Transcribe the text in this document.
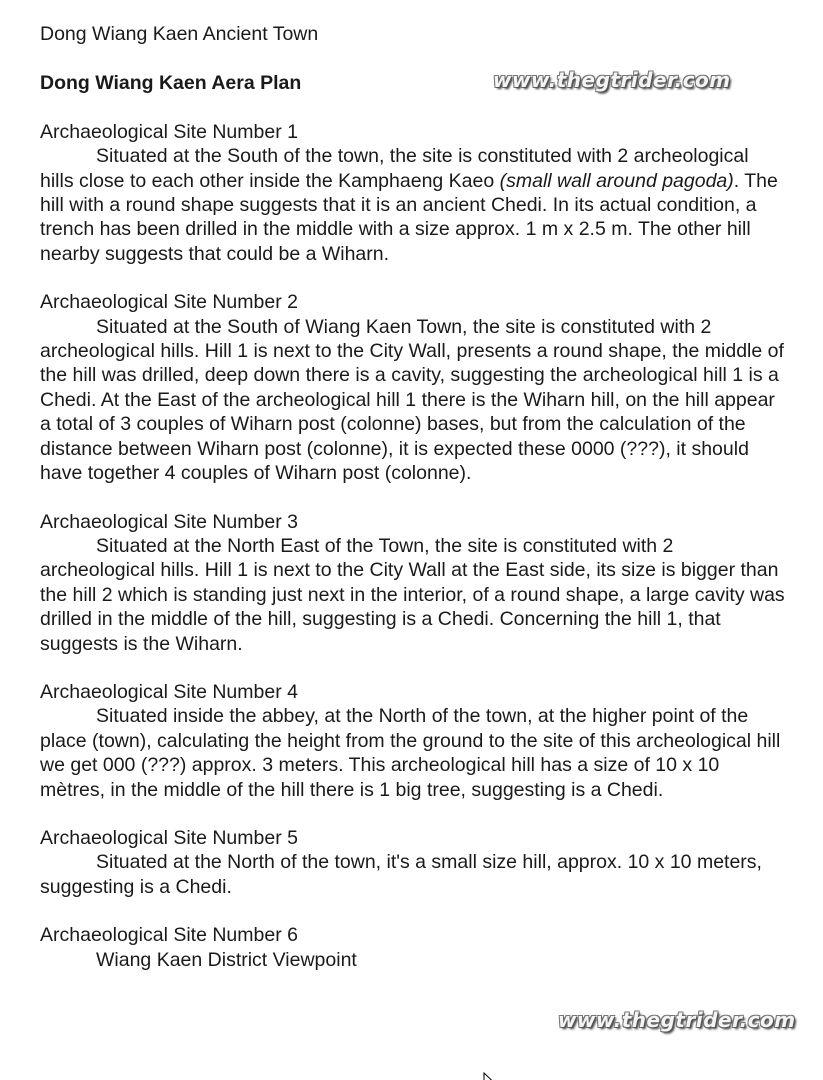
www.thegtrider.com
Dong Wiang Kaen Ancient Town
Dong Wiang Kaen Aera Plan
Archaeological Site Number 1

Situated at the South of the town, the site is constituted with 2 archeological hills close to each other inside the Kamphaeng Kaeo (small wall around pagoda). The hill with a round shape suggests that it is an ancient Chedi. In its actual condition, a trench has been drilled in the middle with a size approx. 1 m x 2.5 m. The other hill nearby suggests that could be a Wiharn.

Archaeological Site Number 2

Situated at the South of Wiang Kaen Town, the site is constituted with 2 archeological hills. Hill 1 is next to the City Wall, presents a round shape, the middle of the hill was drilled, deep down there is a cavity, suggesting the archeological hill 1 is a Chedi. At the East of the archeological hill 1 there is the Wiharn hill, on the hill appear a total of 3 couples of Wiharn post (colonne) bases, but from the calculation of the distance between Wiharn post (colonne), it is expected these 0000 (???), it should have together 4 couples of Wiharn post (colonne).

Archaeological Site Number 3

Situated at the North East of the Town, the site is constituted with 2 archeological hills. Hill 1 is next to the City Wall at the East side, its size is bigger than the hill 2 which is standing just next in the interior, of a round shape, a large cavity was drilled in the middle of the hill, suggesting is a Chedi. Concerning the hill 1, that suggests is the Wiharn.

Archaeological Site Number 4

Situated inside the abbey, at the North of the town, at the higher point of the place (town), calculating the height from the ground to the site of this archeological hill we get 000 (???) approx. 3 meters. This archeological hill has a size of 10 x 10 mètres, in the middle of the hill there is 1 big tree, suggesting is a Chedi.

Archaeological Site Number 5

Situated at the North of the town, it's a small size hill, approx. 10 x 10 meters, suggesting is a Chedi.

Archaeological Site Number 6

Wiang Kaen District Viewpoint

www.thegtrider.com
